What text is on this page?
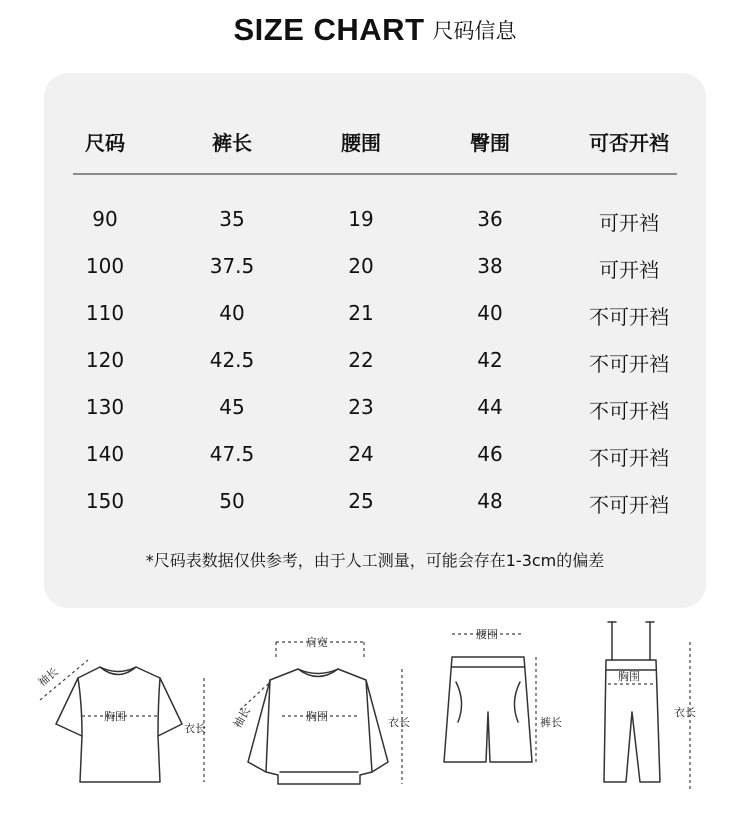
SIZE CHART 尺码信息
尺码	裤长	腰围	臀围	可否开裆
90	35	19	36	可开裆
100	37.5	20	38	可开裆
110	40	21	40	不可开裆
120	42.5	22	42	不可开裆
130	45	23	44	不可开裆
140	47.5	24	46	不可开裆
150	50	25	48	不可开裆
*尺码表数据仅供参考，由于人工测量，可能会存在1-3cm的偏差
袖长
胸围
衣长
肩宽
袖长	胸围	衣长
腰围
裤长
胸围
衣长
